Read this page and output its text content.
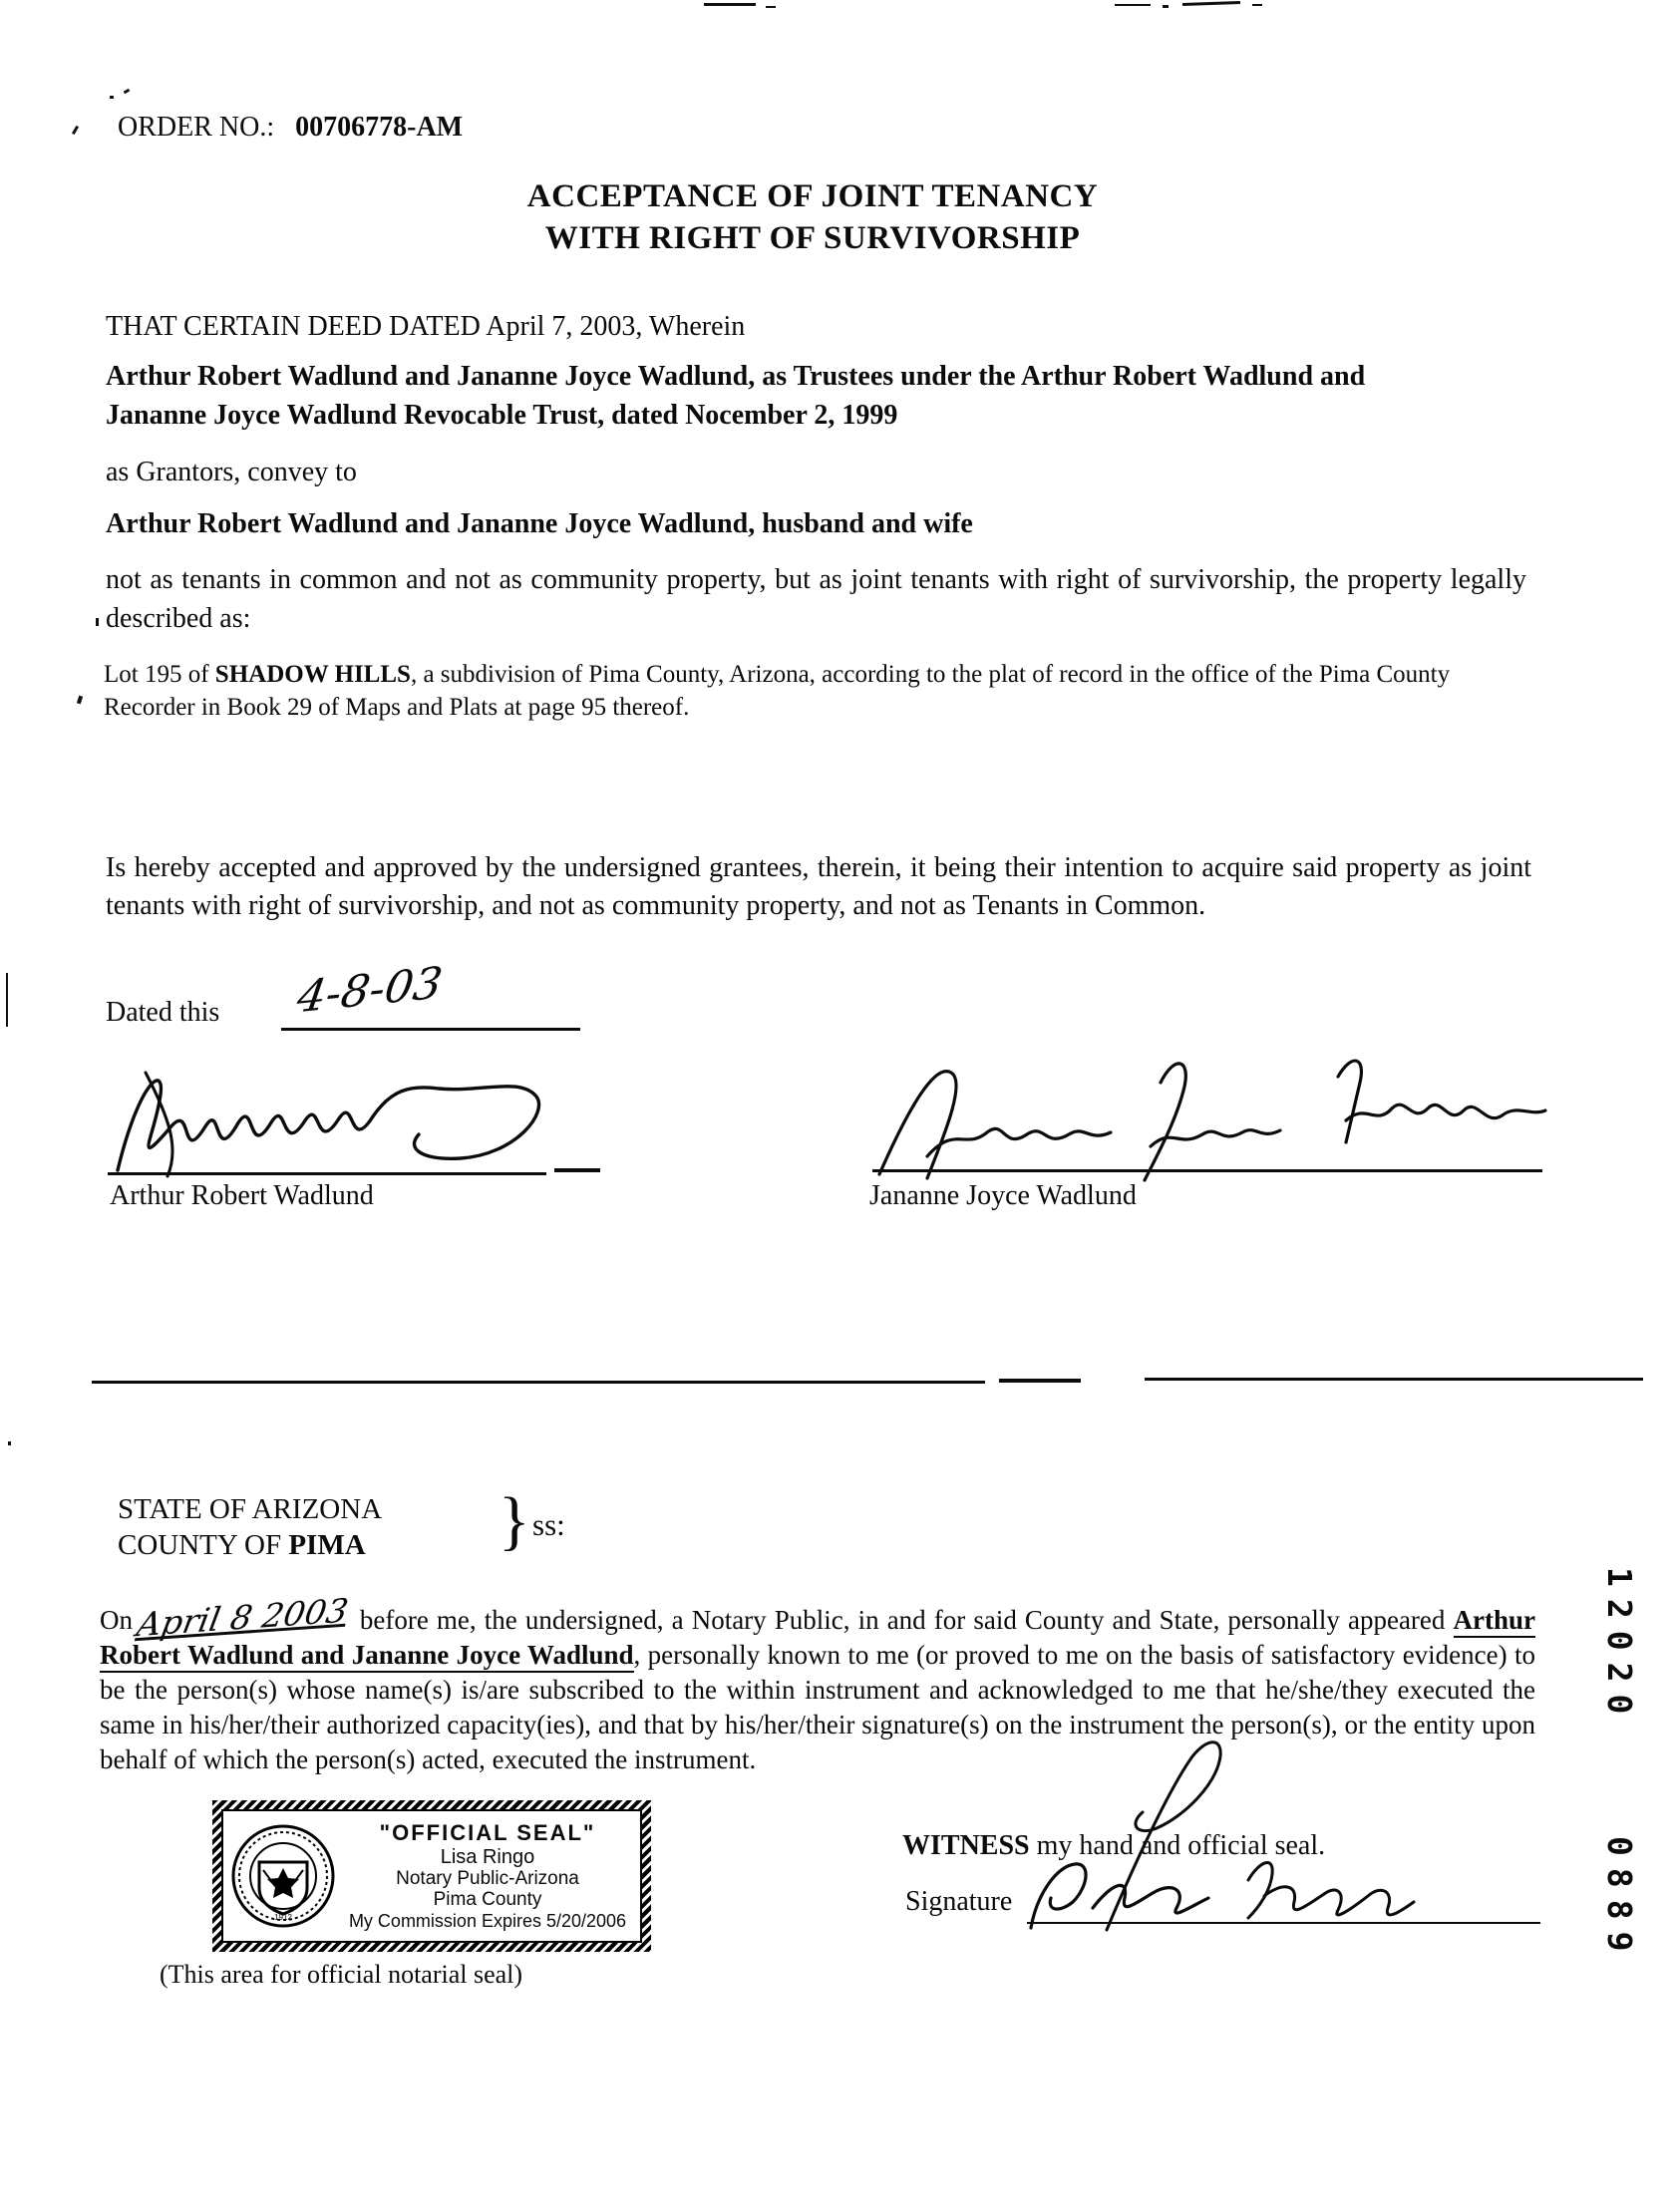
ORDER NO.: 00706778-AM
ACCEPTANCE OF JOINT TENANCY
WITH RIGHT OF SURVIVORSHIP
THAT CERTAIN DEED DATED April 7, 2003, Wherein
Arthur Robert Wadlund and Jananne Joyce Wadlund, as Trustees under the Arthur Robert Wadlund and Jananne Joyce Wadlund Revocable Trust, dated Nocember 2, 1999
as Grantors, convey to
Arthur Robert Wadlund and Jananne Joyce Wadlund, husband and wife
not as tenants in common and not as community property, but as joint tenants with right of survivorship, the property legally described as:
Lot 195 of SHADOW HILLS, a subdivision of Pima County, Arizona, according to the plat of record in the office of the Pima County Recorder in Book 29 of Maps and Plats at page 95 thereof.
Is hereby accepted and approved by the undersigned grantees, therein, it being their intention to acquire said property as joint tenants with right of survivorship, and not as community property, and not as Tenants in Common.
Dated this 4-8-03
Arthur Robert Wadlund	Jananne Joyce Wadlund
STATE OF ARIZONA
COUNTY OF PIMA } ss:
OnApril 8 2003 before me, the undersigned, a Notary Public, in and for said County and State, personally appeared Arthur Robert Wadlund and Jananne Joyce Wadlund, personally known to me (or proved to me on the basis of satisfactory evidence) to be the person(s) whose name(s) is/are subscribed to the within instrument and acknowledged to me that he/she/they executed the same in his/her/their authorized capacity(ies), and that by his/her/their signature(s) on the instrument the person(s), or the entity upon behalf of which the person(s) acted, executed the instrument.
1912
"OFFICIAL SEAL"
Lisa Ringo
Notary Public-Arizona
Pima County
My Commission Expires 5/20/2006
(This area for official notarial seal)
WITNESS my hand and official seal.
Signature
12020
0889
